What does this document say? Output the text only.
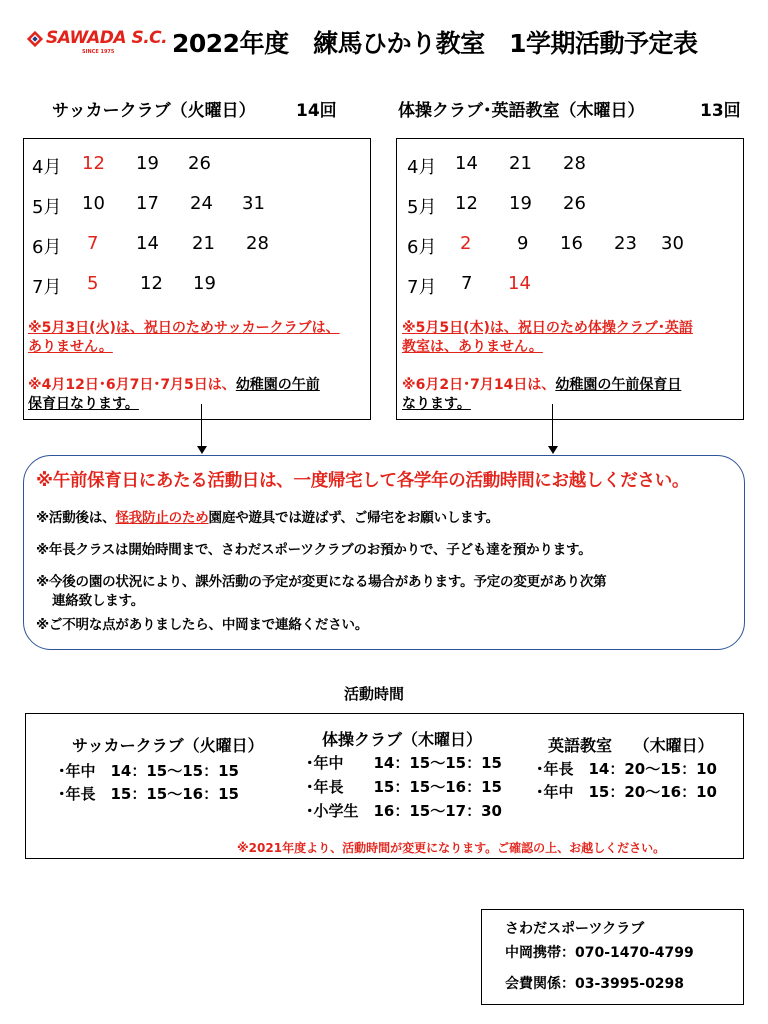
SAWADA S.C.
SINCE 1975 2022年度　練馬ひかり教室　1学期活動予定表
サッカークラブ（火曜日） 14回	体操クラブ･英語教室（木曜日）	13回
4月 12 19 26
5月 10 17 24 31
6月 7 14 21 28
7月 5 12 19
※5月3日(火)は、祝日のためサッカークラブは、
ありません。
※4月12日･6月7日･7月5日は、幼稚園の午前
保育日なります。
4月 14 21 28
5月 12 19 26
6月 2	9 16 23 30
7月 7 14
※5月5日(木)は、祝日のため体操クラブ･英語
教室は、ありません。
※6月2日･7月14日は、幼稚園の午前保育日
なります。
※午前保育日にあたる活動日は、一度帰宅して各学年の活動時間にお越しください。
※活動後は、怪我防止のため園庭や遊具では遊ばず、ご帰宅をお願いします。
※年長クラスは開始時間まで、さわだスポーツクラブのお預かりで、子ども達を預かります。
※今後の園の状況により、課外活動の予定が変更になる場合があります。予定の変更があり次第
連絡致します。
※ご不明な点がありましたら、中岡まで連絡ください。
活動時間
サッカークラブ（火曜日）
･年中　14：15～15：15
･年長　15：15～16：15
体操クラブ（木曜日）
･年中　　14：15～15：15
･年長　　15：15～16：15
･小学生　16：15～17：30
英語教室　 （木曜日）
･年長　14：20～15：10
･年中　15：20～16：10
※2021年度より、活動時間が変更になります。ご確認の上、お越しください。
さわだスポーツクラブ
中岡携帯：070-1470-4799
会費関係：03-3995-0298
